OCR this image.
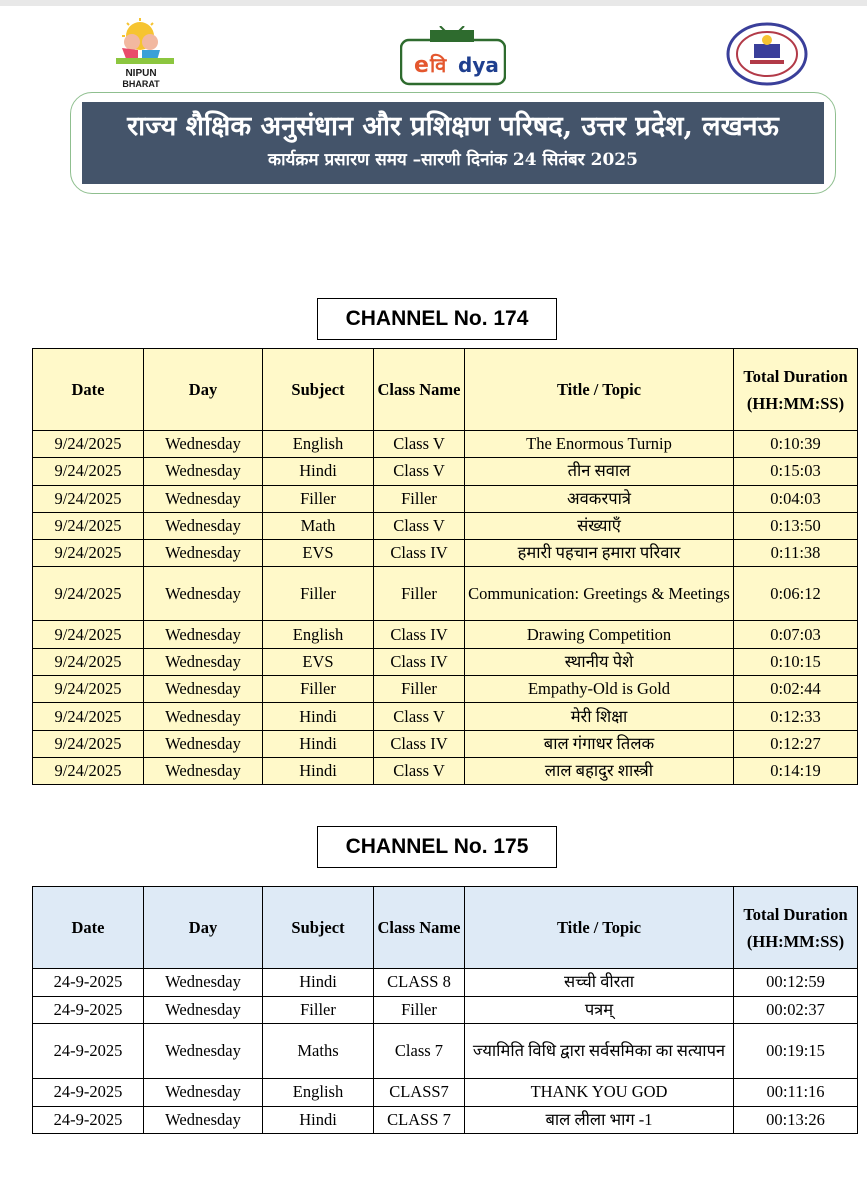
NIPUN
BHARAT
e वि dya
राज्य शैक्षिक अनुसंधान और प्रशिक्षण परिषद, उत्तर प्रदेश, लखनऊ
कार्यक्रम प्रसारण समय –सारणी दिनांक 24 सितंबर 2025
CHANNEL No. 174
Date	Day	Subject	Class Name	Title / Topic	Total Duration (HH:MM:SS)
9/24/2025	Wednesday	English	Class V	The Enormous Turnip	0:10:39
9/24/2025	Wednesday	Hindi	Class V	तीन सवाल	0:15:03
9/24/2025	Wednesday	Filler	Filler	अवकरपात्रे	0:04:03
9/24/2025	Wednesday	Math	Class V	संख्याएँ	0:13:50
9/24/2025	Wednesday	EVS	Class IV	हमारी पहचान हमारा परिवार	0:11:38
9/24/2025	Wednesday	Filler	Filler	Communication: Greetings & Meetings	0:06:12
9/24/2025	Wednesday	English	Class IV	Drawing Competition	0:07:03
9/24/2025	Wednesday	EVS	Class IV	स्थानीय पेशे	0:10:15
9/24/2025	Wednesday	Filler	Filler	Empathy-Old is Gold	0:02:44
9/24/2025	Wednesday	Hindi	Class V	मेरी शिक्षा	0:12:33
9/24/2025	Wednesday	Hindi	Class IV	बाल गंगाधर तिलक	0:12:27
9/24/2025	Wednesday	Hindi	Class V	लाल बहादुर शास्त्री	0:14:19
CHANNEL No. 175
Date	Day	Subject	Class Name	Title / Topic	Total Duration (HH:MM:SS)
24-9-2025	Wednesday	Hindi	CLASS 8	सच्ची वीरता	00:12:59
24-9-2025	Wednesday	Filler	Filler	पत्रम्	00:02:37
24-9-2025	Wednesday	Maths	Class 7	ज्यामिति विधि द्वारा सर्वसमिका का सत्यापन	00:19:15
24-9-2025	Wednesday	English	CLASS7	THANK YOU GOD	00:11:16
24-9-2025	Wednesday	Hindi	CLASS 7	बाल लीला भाग -1	00:13:26
